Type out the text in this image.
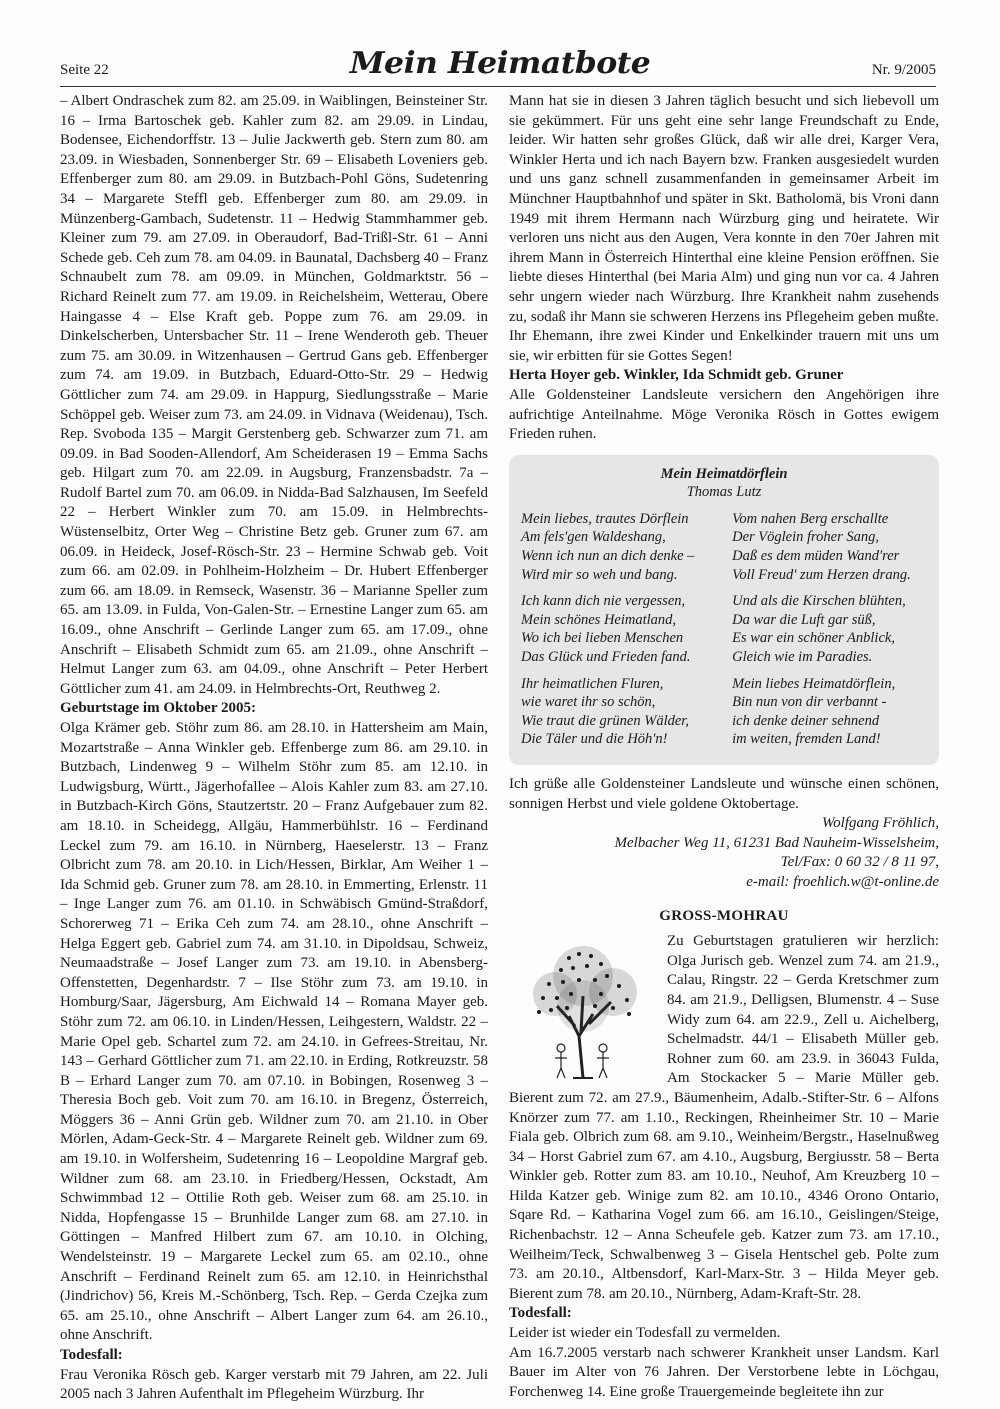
Seite 22	Mein Heimatbote	Nr. 9/2005

– Albert Ondraschek zum 82. am 25.09. in Waiblingen, Beinsteiner Str. 16 – Irma Bartoschek geb. Kahler zum 82. am 29.09. in Lindau, Bodensee, Eichendorffstr. 13 – Julie Jackwerth geb. Stern zum 80. am 23.09. in Wiesbaden, Sonnenberger Str. 69 – Elisabeth Loveniers geb. Effenberger zum 80. am 29.09. in Butzbach-Pohl Göns, Sudetenring 34 – Margarete Steffl geb. Effenberger zum 80. am 29.09. in Münzenberg-Gambach, Sudetenstr. 11 – Hedwig Stammhammer geb. Kleiner zum 79. am 27.09. in Oberaudorf, Bad-Trißl-Str. 61 – Anni Schede geb. Ceh zum 78. am 04.09. in Baunatal, Dachsberg 40 – Franz Schnaubelt zum 78. am 09.09. in München, Goldmarktstr. 56 – Richard Reinelt zum 77. am 19.09. in Reichelsheim, Wetterau, Obere Haingasse 4 – Else Kraft geb. Poppe zum 76. am 29.09. in Dinkelscherben, Untersbacher Str. 11 – Irene Wenderoth geb. Theuer zum 75. am 30.09. in Witzenhausen – Gertrud Gans geb. Effenberger zum 74. am 19.09. in Butzbach, Eduard-Otto-Str. 29 – Hedwig Göttlicher zum 74. am 29.09. in Happurg, Siedlungsstraße – Marie Schöppel geb. Weiser zum 73. am 24.09. in Vidnava (Weidenau), Tsch. Rep. Svoboda 135 – Margit Gerstenberg geb. Schwarzer zum 71. am 09.09. in Bad Sooden-Allendorf, Am Scheiderasen 19 – Emma Sachs geb. Hilgart zum 70. am 22.09. in Augsburg, Franzensbadstr. 7a – Rudolf Bartel zum 70. am 06.09. in Nidda-Bad Salzhausen, Im Seefeld 22 – Herbert Winkler zum 70. am 15.09. in Helmbrechts-Wüstenselbitz, Orter Weg – Christine Betz geb. Gruner zum 67. am 06.09. in Heideck, Josef-Rösch-Str. 23 – Hermine Schwab geb. Voit zum 66. am 02.09. in Pohlheim-Holzheim – Dr. Hubert Effenberger zum 66. am 18.09. in Remseck, Wasenstr. 36 – Marianne Speller zum 65. am 13.09. in Fulda, Von-Galen-Str. – Ernestine Langer zum 65. am 16.09., ohne Anschrift – Gerlinde Langer zum 65. am 17.09., ohne Anschrift – Elisabeth Schmidt zum 65. am 21.09., ohne Anschrift – Helmut Langer zum 63. am 04.09., ohne Anschrift – Peter Herbert Göttlicher zum 41. am 24.09. in Helmbrechts-Ort, Reuthweg 2.

Geburtstage im Oktober 2005:

Olga Krämer geb. Stöhr zum 86. am 28.10. in Hattersheim am Main, Mozartstraße – Anna Winkler geb. Effenberge zum 86. am 29.10. in Butzbach, Lindenweg 9 – Wilhelm Stöhr zum 85. am 12.10. in Ludwigsburg, Württ., Jägerhofallee – Alois Kahler zum 83. am 27.10. in Butzbach-Kirch Göns, Stautzertstr. 20 – Franz Aufgebauer zum 82. am 18.10. in Scheidegg, Allgäu, Hammerbühlstr. 16 – Ferdinand Leckel zum 79. am 16.10. in Nürnberg, Haeselerstr. 13 – Franz Olbricht zum 78. am 20.10. in Lich/Hessen, Birklar, Am Weiher 1 – Ida Schmid geb. Gruner zum 78. am 28.10. in Emmerting, Erlenstr. 11 – Inge Langer zum 76. am 01.10. in Schwäbisch Gmünd-Straßdorf, Schorerweg 71 – Erika Ceh zum 74. am 28.10., ohne Anschrift – Helga Eggert geb. Gabriel zum 74. am 31.10. in Dipoldsau, Schweiz, Neumaadstraße – Josef Langer zum 73. am 19.10. in Abensberg-Offenstetten, Degenhardstr. 7 – Ilse Stöhr zum 73. am 19.10. in Homburg/Saar, Jägersburg, Am Eichwald 14 – Romana Mayer geb. Stöhr zum 72. am 06.10. in Linden/Hessen, Leihgestern, Waldstr. 22 – Marie Opel geb. Schartel zum 72. am 24.10. in Gefrees-Streitau, Nr. 143 – Gerhard Göttlicher zum 71. am 22.10. in Erding, Rotkreuzstr. 58 B – Erhard Langer zum 70. am 07.10. in Bobingen, Rosenweg 3 – Theresia Boch geb. Voit zum 70. am 16.10. in Bregenz, Österreich, Möggers 36 – Anni Grün geb. Wildner zum 70. am 21.10. in Ober Mörlen, Adam-Geck-Str. 4 – Margarete Reinelt geb. Wildner zum 69. am 19.10. in Wolfersheim, Sudetenring 16 – Leopoldine Margraf geb. Wildner zum 68. am 23.10. in Friedberg/Hessen, Ockstadt, Am Schwimmbad 12 – Ottilie Roth geb. Weiser zum 68. am 25.10. in Nidda, Hopfengasse 15 – Brunhilde Langer zum 68. am 27.10. in Göttingen – Manfred Hilbert zum 67. am 10.10. in Olching, Wendelsteinstr. 19 – Margarete Leckel zum 65. am 02.10., ohne Anschrift – Ferdinand Reinelt zum 65. am 12.10. in Heinrichsthal (Jindrichov) 56, Kreis M.-Schönberg, Tsch. Rep. – Gerda Czejka zum 65. am 25.10., ohne Anschrift – Albert Langer zum 64. am 26.10., ohne Anschrift.

Todesfall:

Frau Veronika Rösch geb. Karger verstarb mit 79 Jahren, am 22. Juli 2005 nach 3 Jahren Aufenthalt im Pflegeheim Würzburg. Ihr

Mann hat sie in diesen 3 Jahren täglich besucht und sich liebevoll um sie gekümmert. Für uns geht eine sehr lange Freundschaft zu Ende, leider. Wir hatten sehr großes Glück, daß wir alle drei, Karger Vera, Winkler Herta und ich nach Bayern bzw. Franken ausgesiedelt wurden und uns ganz schnell zusammenfanden in gemeinsamer Arbeit im Münchner Hauptbahnhof und später in Skt. Batholomä, bis Vroni dann 1949 mit ihrem Hermann nach Würzburg ging und heiratete. Wir verloren uns nicht aus den Augen, Vera konnte in den 70er Jahren mit ihrem Mann in Österreich Hinterthal eine kleine Pension eröffnen. Sie liebte dieses Hinterthal (bei Maria Alm) und ging nun vor ca. 4 Jahren sehr ungern wieder nach Würzburg. Ihre Krankheit nahm zusehends zu, sodaß ihr Mann sie schweren Herzens ins Pflegeheim geben mußte. Ihr Ehemann, ihre zwei Kinder und Enkelkinder trauern mit uns um sie, wir erbitten für sie Gottes Segen!

Herta Hoyer geb. Winkler, Ida Schmidt geb. Gruner

Alle Goldensteiner Landsleute versichern den Angehörigen ihre aufrichtige Anteilnahme. Möge Veronika Rösch in Gottes ewigem Frieden ruhen.

Mein Heimatdörflein
Thomas Lutz
Mein liebes, trautes Dörflein
Am fels'gen Waldeshang,
Wenn ich nun an dich denke –
Wird mir so weh und bang.
Ich kann dich nie vergessen,
Mein schönes Heimatland,
Wo ich bei lieben Menschen
Das Glück und Frieden fand.
Ihr heimatlichen Fluren,
wie waret ihr so schön,
Wie traut die grünen Wälder,
Die Täler und die Höh'n!
Vom nahen Berg erschallte
Der Vöglein froher Sang,
Daß es dem müden Wand'rer
Voll Freud' zum Herzen drang.
Und als die Kirschen blühten,
Da war die Luft gar süß,
Es war ein schöner Anblick,
Gleich wie im Paradies.
Mein liebes Heimatdörflein,
Bin nun von dir verbannt -
ich denke deiner sehnend
im weiten, fremden Land!

Ich grüße alle Goldensteiner Landsleute und wünsche einen schönen, sonnigen Herbst und viele goldene Oktobertage.

Wolfgang Fröhlich,
Melbacher Weg 11, 61231 Bad Nauheim-Wisselsheim,
Tel/Fax: 0 60 32 / 8 11 97,
e-mail: froehlich.w@t-online.de
GROSS-MOHRAU

Zu Geburtstagen gratulieren wir herzlich: Olga Jurisch geb. Wenzel zum 74. am 21.9., Calau, Ringstr. 22 – Gerda Kretschmer zum 84. am 21.9., Delligsen, Blumenstr. 4 – Suse Widy zum 64. am 22.9., Zell u. Aichelberg, Schelmadstr. 44/1 – Elisabeth Müller geb. Rohner zum 60. am 23.9. in 36043 Fulda, Am Stockacker 5 – Marie Müller geb. Bierent zum 72. am 27.9., Bäumenheim, Adalb.-Stifter-Str. 6 – Alfons Knörzer zum 77. am 1.10., Reckingen, Rheinheimer Str. 10 – Marie Fiala geb. Olbrich zum 68. am 9.10., Weinheim/Bergstr., Haselnußweg 34 – Horst Gabriel zum 67. am 4.10., Augsburg, Bergiusstr. 58 – Berta Winkler geb. Rotter zum 83. am 10.10., Neuhof, Am Kreuzberg 10 – Hilda Katzer geb. Winige zum 82. am 10.10., 4346 Orono Ontario, Sqare Rd. – Katharina Vogel zum 66. am 16.10., Geislingen/Steige, Richenbachstr. 12 – Anna Scheufele geb. Katzer zum 73. am 17.10., Weilheim/Teck, Schwalbenweg 3 – Gisela Hentschel geb. Polte zum 73. am 20.10., Altbensdorf, Karl-Marx-Str. 3 – Hilda Meyer geb. Bierent zum 78. am 20.10., Nürnberg, Adam-Kraft-Str. 28.

Todesfall:

Leider ist wieder ein Todesfall zu vermelden.

Am 16.7.2005 verstarb nach schwerer Krankheit unser Landsm. Karl Bauer im Alter von 76 Jahren. Der Verstorbene lebte in Löchgau, Forchenweg 14. Eine große Trauergemeinde begleitete ihn zur
